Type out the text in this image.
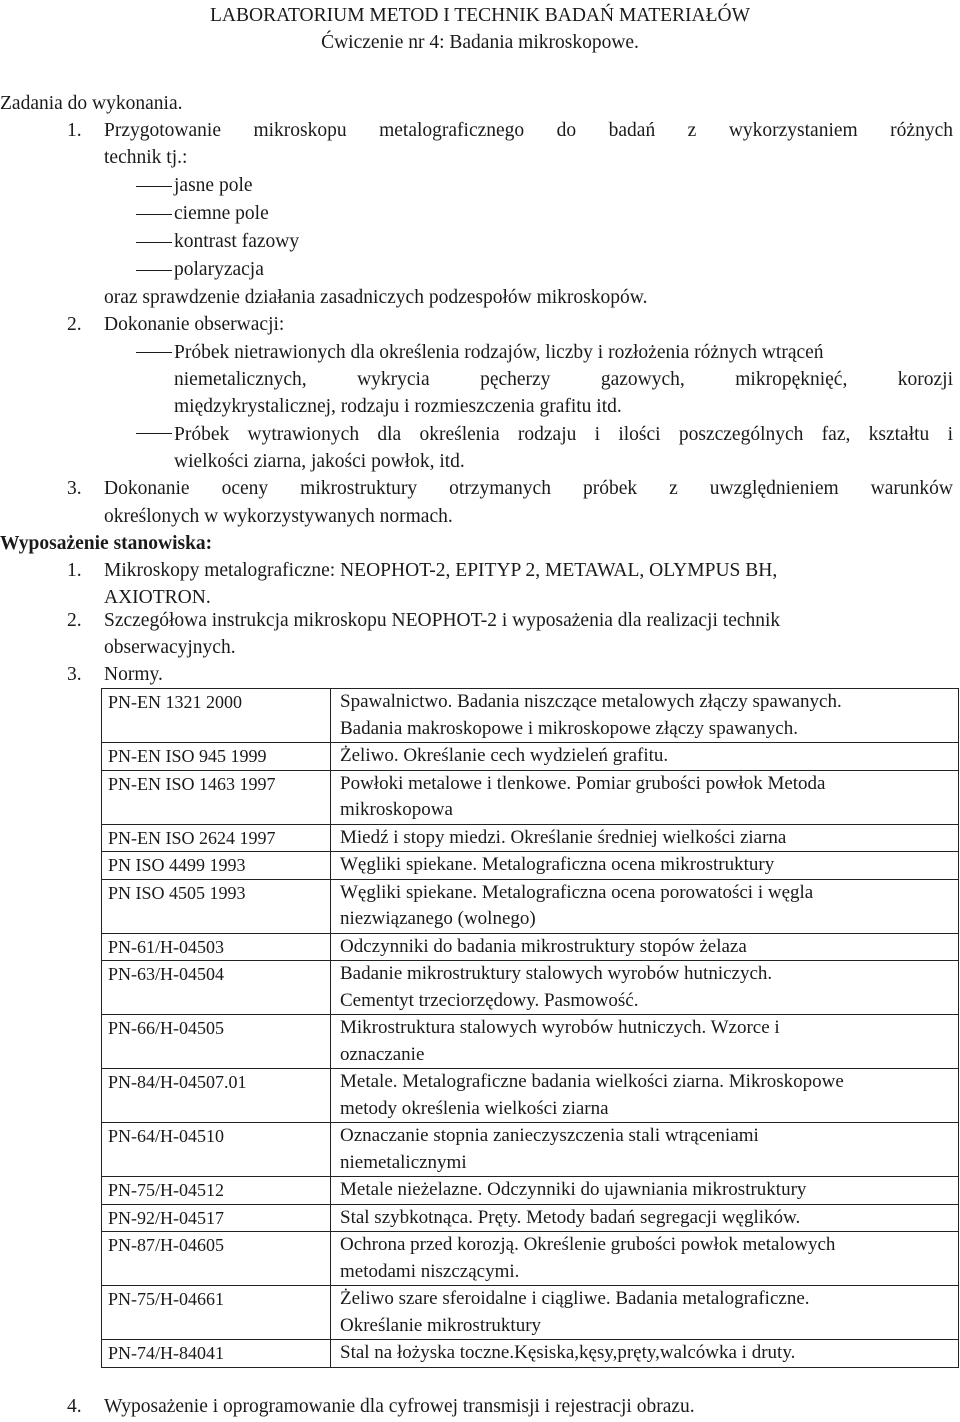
LABORATORIUM METOD I TECHNIK BADAŃ MATERIAŁÓW
Ćwiczenie nr 4: Badania mikroskopowe.
Zadania do wykonania.
1. Przygotowanie mikroskopu metalograficznego do badań z wykorzystaniem różnych
technik tj.:
jasne pole
ciemne pole
kontrast fazowy
polaryzacja
oraz sprawdzenie działania zasadniczych podzespołów mikroskopów.
2. Dokonanie obserwacji:
Próbek nietrawionych dla określenia rodzajów, liczby i rozłożenia różnych wtrąceń
niemetalicznych, wykrycia pęcherzy gazowych, mikropęknięć, korozji
międzykrystalicznej, rodzaju i rozmieszczenia grafitu itd.
Próbek wytrawionych dla określenia rodzaju i ilości poszczególnych faz, kształtu i
wielkości ziarna, jakości powłok, itd.
3. Dokonanie oceny mikrostruktury otrzymanych próbek z uwzględnieniem warunków
określonych w wykorzystywanych normach.
Wyposażenie stanowiska:
1. Mikroskopy metalograficzne: NEOPHOT-2, EPITYP 2, METAWAL, OLYMPUS BH,
AXIOTRON.
2. Szczegółowa instrukcja mikroskopu NEOPHOT-2 i wyposażenia dla realizacji technik
obserwacyjnych.
3. Normy.
PN-EN 1321 2000	Spawalnictwo. Badania niszczące metalowych złączy spawanych.
Badania makroskopowe i mikroskopowe złączy spawanych.

PN-EN ISO 945 1999	Żeliwo. Określanie cech wydzieleń grafitu.

PN-EN ISO 1463 1997	Powłoki metalowe i tlenkowe. Pomiar grubości powłok Metoda
mikroskopowa

PN-EN ISO 2624 1997	Miedź i stopy miedzi. Określanie średniej wielkości ziarna

PN ISO 4499 1993	Węgliki spiekane. Metalograficzna ocena mikrostruktury

PN ISO 4505 1993	Węgliki spiekane. Metalograficzna ocena porowatości i węgla
niezwiązanego (wolnego)

PN-61/H-04503	Odczynniki do badania mikrostruktury stopów żelaza

PN-63/H-04504	Badanie mikrostruktury stalowych wyrobów hutniczych.
Cementyt trzeciorzędowy. Pasmowość.

PN-66/H-04505	Mikrostruktura stalowych wyrobów hutniczych. Wzorce i
oznaczanie

PN-84/H-04507.01	Metale. Metalograficzne badania wielkości ziarna. Mikroskopowe
metody określenia wielkości ziarna

PN-64/H-04510	Oznaczanie stopnia zanieczyszczenia stali wtrąceniami
niemetalicznymi

PN-75/H-04512	Metale nieżelazne. Odczynniki do ujawniania mikrostruktury

PN-92/H-04517	Stal szybkotnąca. Pręty. Metody badań segregacji węglików.

PN-87/H-04605	Ochrona przed korozją. Określenie grubości powłok metalowych
metodami niszczącymi.

PN-75/H-04661	Żeliwo szare sferoidalne i ciągliwe. Badania metalograficzne.
Określanie mikrostruktury

PN-74/H-84041	Stal na łożyska toczne.Kęsiska,kęsy,pręty,walcówka i druty.
4. Wyposażenie i oprogramowanie dla cyfrowej transmisji i rejestracji obrazu.
